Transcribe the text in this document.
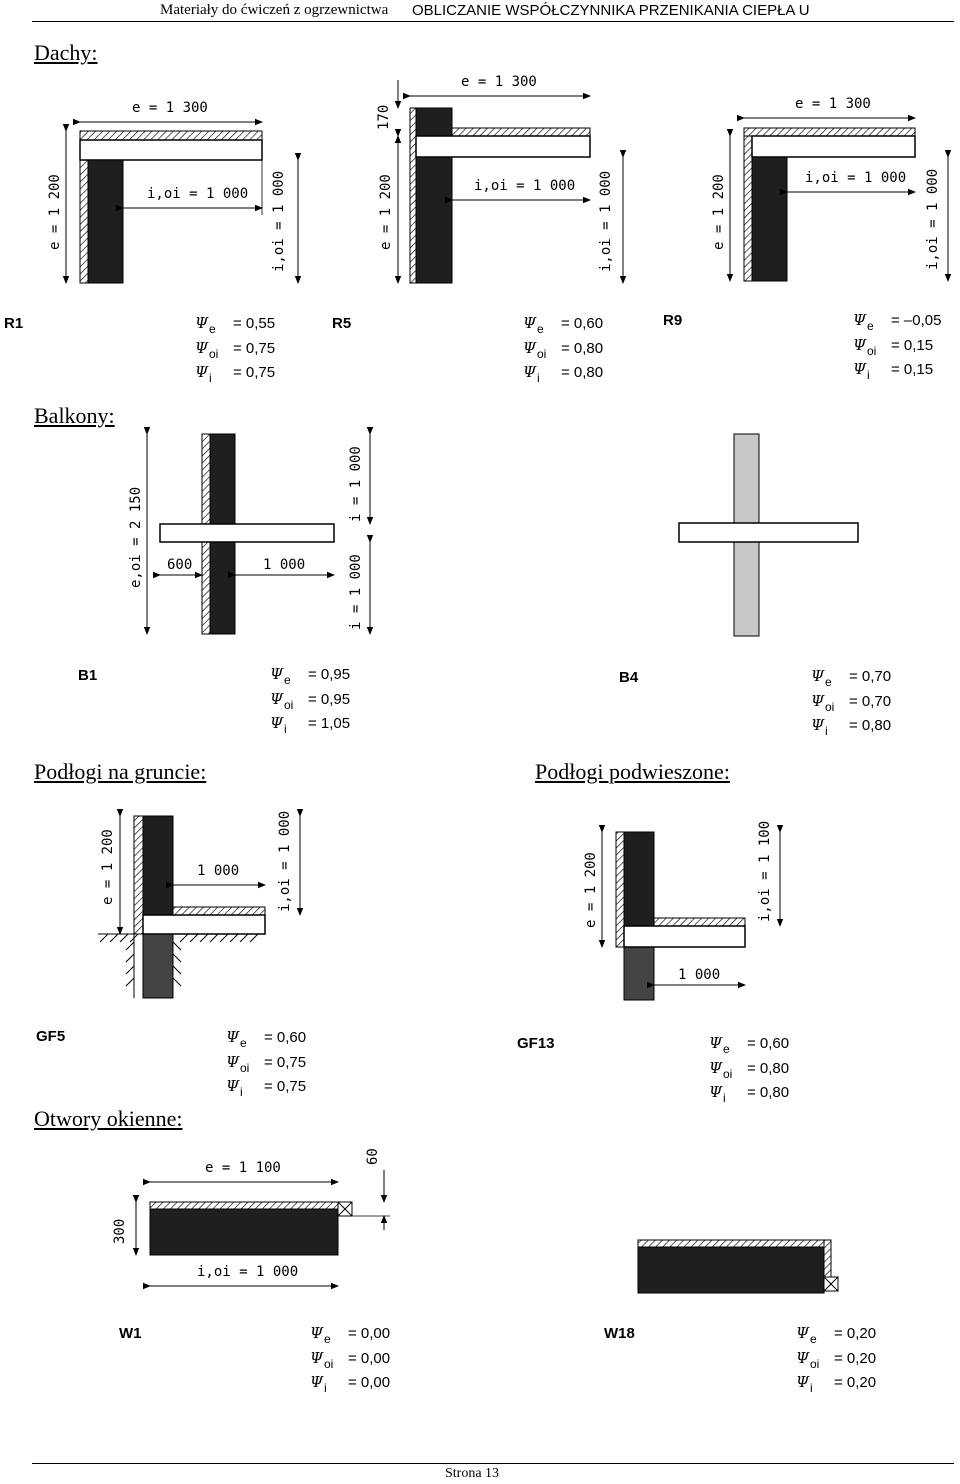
Materiały do ćwiczeń z ogrzewnictwa OBLICZANIE WSPÓŁCZYNNIKA PRZENIKANIA CIEPŁA U
Dachy:
Balkony:
Podłogi na gruncie:	Podłogi podwieszone:
Otwory okienne:
e = 1 300
e = 1 200	i,oi = 1 000 i,oi = 1 000
e = 1 300
170
e = 1 200	i,oi = 1 000 i,oi = 1 000
e = 1 300
e = 1 200	i,oi = 1 000 i,oi = 1 000
e,oi = 2 150 600	1 000
i = 1 000
i = 1 000
e = 1 200	1 000	i,oi = 1 000	e = 1 200
1 000
i,oi = 1 100
e = 1 100
i,oi = 1 000
300
60
R1	Ψe = 0,55
Ψoi = 0,75
Ψi = 0,75
R5	Ψe = 0,60
Ψoi = 0,80
Ψi = 0,80
R9	Ψe = –0,05
Ψoi = 0,15
Ψi = 0,15
B1	Ψe = 0,95
Ψoi = 0,95
Ψi = 1,05
B4	Ψe = 0,70
Ψoi = 0,70
Ψi = 0,80
GF5	Ψe = 0,60
Ψoi = 0,75
Ψi = 0,75
GF13	Ψe = 0,60
Ψoi = 0,80
Ψi = 0,80
W1	Ψe = 0,00
Ψoi = 0,00
Ψi = 0,00
W18	Ψe = 0,20
Ψoi = 0,20
Ψi = 0,20
Strona 13
